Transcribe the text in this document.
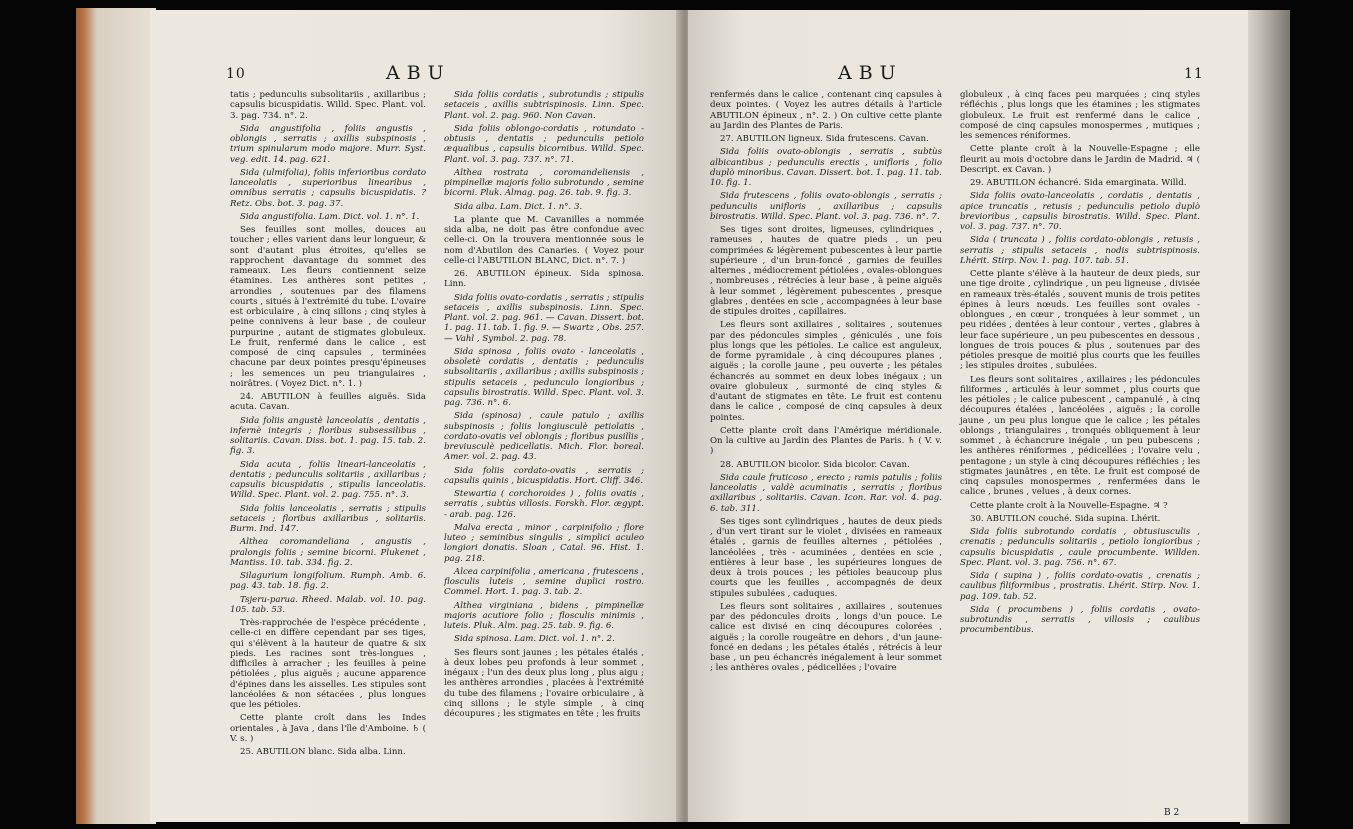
10	ABU

tatis ; pedunculis subsolitariis , axillaribus ; capsulis bicuspidatis. Willd. Spec. Plant. vol. 3. pag. 734. n°. 2.

Sida angustifolia , foliis angustis , oblongis , serratis ; axillis subspinosis , trium spinularum modo majore. Murr. Syst. veg. edit. 14. pag. 621.

Sida (ulmifolia), foliis inferioribus cordato lanceolatis , superioribus linearibus , omnibus serratis ; capsulis bicuspidatis. ? Retz. Obs. bot. 3. pag. 37.

Sida angustifolia. Lam. Dict. vol. 1. n°. 1.

Ses feuilles sont molles, douces au toucher ; elles varient dans leur longueur, & sont d'autant plus étroites, qu'elles se rapprochent davantage du sommet des rameaux. Les fleurs contiennent seize étamines. Les anthères sont petites , arrondies , soutenues par des filamens courts , situés à l'extrémité du tube. L'ovaire est orbiculaire , à cinq sillons ; cinq styles à peine connivens à leur base , de couleur purpurine , autant de stigmates globuleux. Le fruit, renfermé dans le calice , est composé de cinq capsules , terminées chacune par deux pointes presqu'épineuses ; les semences un peu triangulaires , noirâtres. ( Voyez Dict. n°. 1. )

24. ABUTILON à feuilles aiguës. Sida acuta. Cavan.

Sida foliis angustè lanceolatis , dentatis , infernè integris ; floribus subsessilibus , solitariis. Cavan. Diss. bot. 1. pag. 15. tab. 2. fig. 3.

Sida acuta , foliis lineari-lanceolatis , dentatis ; pedunculis solitariis , axillaribus ; capsulis bicuspidatis , stipulis lanceolatis. Willd. Spec. Plant. vol. 2. pag. 755. n°. 3.

Sida foliis lanceolatis , serratis ; stipulis setaceis ; floribus axillaribus , solitariis. Burm. Ind. 147.

Althea coromandeliana , angustis , pralongis foliis ; semine bicorni. Plukenet , Mantiss. 10. tab. 334. fig. 2.

Silagurium longifolium. Rumph. Amb. 6. pag. 43. tab. 18. fig. 2.

Tsjeru-parua. Rheed. Malab. vol. 10. pag. 105. tab. 53.

Très-rapprochée de l'espèce précédente , celle-ci en diffère cependant par ses tiges, qui s'élèvent à la hauteur de quatre & six pieds. Les racines sont très-longues , difficiles à arracher ; les feuilles à peine pétiolées , plus aiguës ; aucune apparence d'épines dans les aisselles. Les stipules sont lancéolées & non sétacées , plus longues que les pétioles.

Cette plante croît dans les Indes orientales , à Java , dans l'île d'Amboine. ♄ ( V. s. )

25. ABUTILON blanc. Sida alba. Linn.

Sida foliis cordatis , subrotundis ; stipulis setaceis , axillis subtrispinosis. Linn. Spec. Plant. vol. 2. pag. 960. Non Cavan.

Sida foliis oblongo-cordatis , rotundato - obtusis , dentatis ; pedunculis petiolo æqualibus , capsulis bicornibus. Willd. Spec. Plant. vol. 3. pag. 737. n°. 71.

Althea rostrata , coromandeliensis , pimpinellæ majoris folio subrotundo , semine bicorni. Pluk. Almag. pag. 26. tab. 9. fig. 3.

Sida alba. Lam. Dict. 1. n°. 3.

La plante que M. Cavanilles a nommée sida alba, ne doit pas être confondue avec celle-ci. On la trouvera mentionnée sous le nom d'Abutilon des Canaries. ( Voyez pour celle-ci l'ABUTILON BLANC, Dict. n°. 7. )

26. ABUTILON épineux. Sida spinosa. Linn.

Sida foliis ovato-cordatis , serratis ; stipulis setaceis , axillis subspinosis. Linn. Spec. Plant. vol. 2. pag. 961. — Cavan. Dissert. bot. 1. pag. 11. tab. 1. fig. 9. — Swartz , Obs. 257. — Vahl , Symbol. 2. pag. 78.

Sida spinosa , foliis ovato - lanceolatis , obsoletè cordatis , dentatis ; pedunculis subsolitariis , axillaribus ; axillis subspinosis ; stipulis setaceis , pedunculo longioribus ; capsulis birostratis. Willd. Spec. Plant. vol. 3. pag. 736. n°. 6.

Sida (spinosa) , caule patulo ; axillis subspinosis ; foliis longiusculè petiolatis , cordato-ovatis vel oblongis ; floribus pusillis , breviusculè pedicellatis. Mich. Flor. boreal. Amer. vol. 2. pag. 43.

Sida foliis cordato-ovatis , serratis ; capsulis quinis , bicuspidatis. Hort. Cliff. 346.

Stewartia ( corchoroides ) , foliis ovatis , serratis , subtùs villosis. Forskh. Flor. ægypt. - arab. pag. 126.

Malva erecta , minor , carpinifolio ; flore luteo ; seminibus singulis , simplici aculeo longiori donatis. Sloan , Catal. 96. Hist. 1. pag. 218.

Alcea carpinifolia , americana , frutescens , flosculis luteis , semine duplici rostro. Commel. Hort. 1. pag. 3. tab. 2.

Althea virginiana , bidens , pimpinellæ majoris acutiore folio ; flosculis minimis , luteis. Pluk. Alm. pag. 25. tab. 9. fig. 6.

Sida spinosa. Lam. Dict. vol. 1. n°. 2.

Ses fleurs sont jaunes ; les pétales étalés , à deux lobes peu profonds à leur sommet , inégaux ; l'un des deux plus long , plus aigu ; les anthères arrondies , placées à l'extrémité du tube des filamens ; l'ovaire orbiculaire , à cinq sillons ; le style simple , à cinq découpures ; les stigmates en tête ; les fruits

ABU	11

renfermés dans le calice , contenant cinq capsules à deux pointes. ( Voyez les autres détails à l'article ABUTILON épineux , n°. 2. ) On cultive cette plante au Jardin des Plantes de Paris.

27. ABUTILON ligneux. Sida frutescens. Cavan.

Sida foliis ovato-oblongis , serratis , subtùs albicantibus ; pedunculis erectis , unifloris , folio duplò minoribus. Cavan. Dissert. bot. 1. pag. 11. tab. 10. fig. 1.

Sida frutescens , foliis ovato-oblongis , serratis ; pedunculis unifloris , axillaribus ; capsulis birostratis. Willd. Spec. Plant. vol. 3. pag. 736. n°. 7.

Ses tiges sont droites, ligneuses, cylindriques , rameuses , hautes de quatre pieds , un peu comprimées & légèrement pubescentes à leur partie supérieure , d'un brun-foncé , garnies de feuilles alternes , médiocrement pétiolées , ovales-oblongues , nombreuses , rétrécies à leur base , à peine aiguës à leur sommet , légèrement pubescentes , presque glabres , dentées en scie , accompagnées à leur base de stipules droites , capillaires.

Les fleurs sont axillaires , solitaires , soutenues par des pédoncules simples , géniculés , une fois plus longs que les pétioles. Le calice est anguleux, de forme pyramidale , à cinq découpures planes , aiguës ; la corolle jaune , peu ouverte ; les pétales échancrés au sommet en deux lobes inégaux ; un ovaire globuleux , surmonté de cinq styles & d'autant de stigmates en tête. Le fruit est contenu dans le calice , composé de cinq capsules à deux pointes.

Cette plante croît dans l'Amérique méridionale. On la cultive au Jardin des Plantes de Paris. ♄ ( V. v. )

28. ABUTILON bicolor. Sida bicolor. Cavan.

Sida caule fruticoso , erecto ; ramis patulis ; foliis lanceolatis , valdè acuminatis , serratis ; floribus axillaribus , solitariis. Cavan. Icon. Rar. vol. 4. pag. 6. tab. 311.

Ses tiges sont cylindriques , hautes de deux pieds , d'un vert tirant sur le violet , divisées en rameaux étalés , garnis de feuilles alternes , pétiolées , lancéolées , très - acuminées , dentées en scie , entières à leur base , les supérieures longues de deux à trois pouces ; les pétioles beaucoup plus courts que les feuilles , accompagnés de deux stipules subulées , caduques.

Les fleurs sont solitaires , axillaires , soutenues par des pédoncules droits , longs d'un pouce. Le calice est divisé en cinq découpures colorées , aiguës ; la corolle rougeâtre en dehors , d'un jaune-foncé en dedans ; les pétales étalés , rétrécis à leur base , un peu échancrés inégalement à leur sommet ; les anthères ovales , pédicellées ; l'ovaire

globuleux , à cinq faces peu marquées ; cinq styles réfléchis , plus longs que les étamines ; les stigmates globuleux. Le fruit est renfermé dans le calice , composé de cinq capsules monospermes , mutiques ; les semences réniformes.

Cette plante croît à la Nouvelle-Espagne ; elle fleurit au mois d'octobre dans le Jardin de Madrid. ♃ ( Descript. ex Cavan. )

29. ABUTILON échancré. Sida emarginata. Willd.

Sida foliis ovato-lanceolatis , cordatis , dentatis , apice truncatis , retusis ; pedunculis petiolo duplò brevioribus , capsulis birostratis. Willd. Spec. Plant. vol. 3. pag. 737. n°. 70.

Sida ( truncata ) , foliis cordato-oblongis , retusis , serratis ; stipulis setaceis , nodis subtrispinosis. Lhérit. Stirp. Nov. 1. pag. 107. tab. 51.

Cette plante s'élève à la hauteur de deux pieds, sur une tige droite , cylindrique , un peu ligneuse , divisée en rameaux très-étalés , souvent munis de trois petites épines à leurs nœuds. Les feuilles sont ovales - oblongues , en cœur , tronquées à leur sommet , un peu ridées , dentées à leur contour , vertes , glabres à leur face supérieure , un peu pubescentes en dessous , longues de trois pouces & plus , soutenues par des pétioles presque de moitié plus courts que les feuilles ; les stipules droites , subulées.

Les fleurs sont solitaires , axillaires ; les pédoncules filiformes , articulés à leur sommet , plus courts que les pétioles ; le calice pubescent , campanulé , à cinq découpures étalées , lancéolées , aiguës ; la corolle jaune , un peu plus longue que le calice ; les pétales oblongs , triangulaires , tronqués obliquement à leur sommet , à échancrure inégale , un peu pubescens ; les anthères réniformes , pédicellées ; l'ovaire velu , pentagone ; un style à cinq découpures réfléchies ; les stigmates jaunâtres , en tête. Le fruit est composé de cinq capsules monospermes , renfermées dans le calice , brunes , velues , à deux cornes.

Cette plante croît à la Nouvelle-Espagne. ♃ ?

30. ABUTILON couché. Sida supina. Lhérit.

Sida foliis subrotundo cordatis , obtusiusculis , crenatis ; pedunculis solitariis , petiolo longioribus ; capsulis bicuspidatis , caule procumbente. Willden. Spec. Plant. vol. 3. pag. 756. n°. 67.

Sida ( supina ) , foliis cordato-ovatis , crenatis ; caulibus filiformibus , prostratis. Lhérit. Stirp. Nov. 1. pag. 109. tab. 52.

Sida ( procumbens ) , foliis cordatis , ovato-subrotundis , serratis , villosis ; caulibus procumbentibus.

B 2
